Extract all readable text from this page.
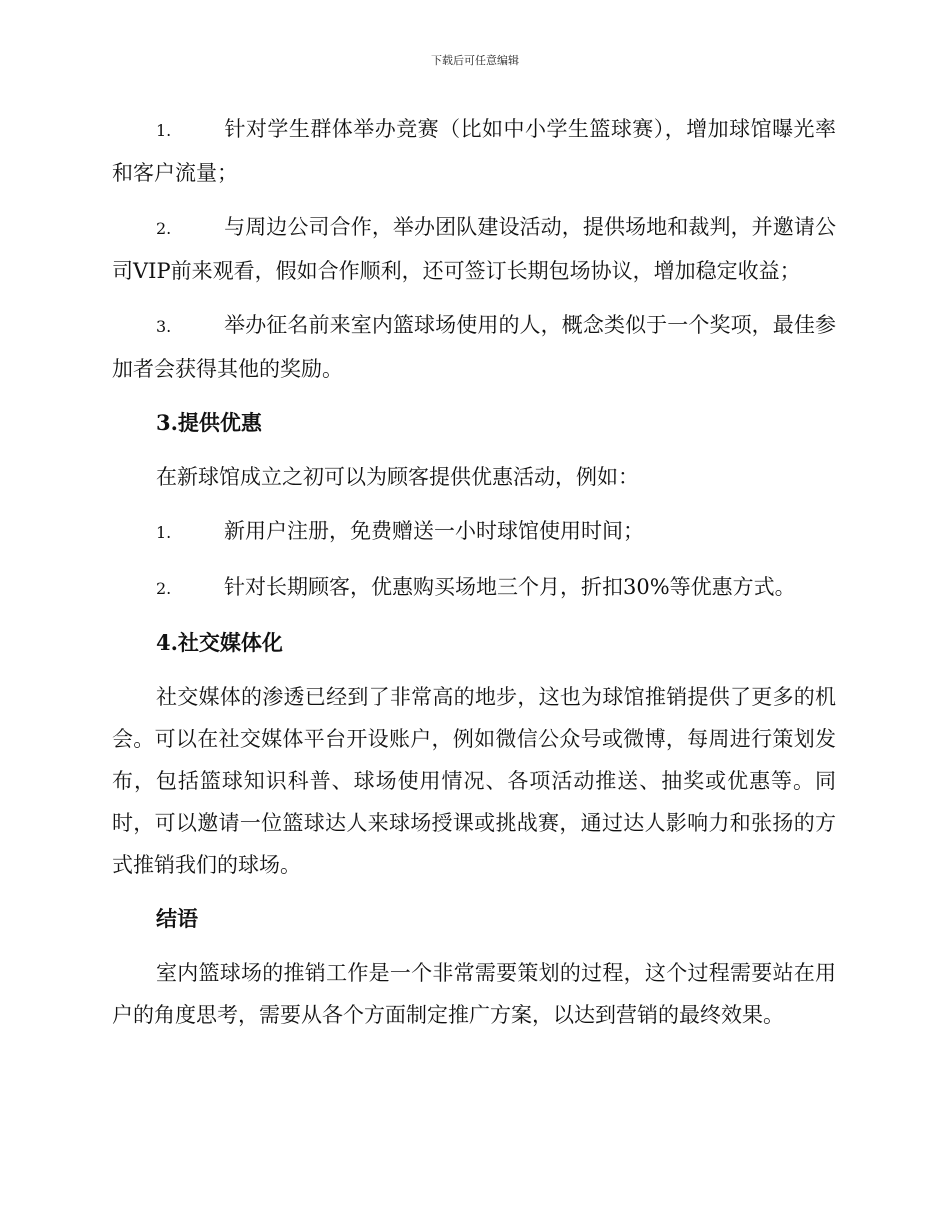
下载后可任意编辑

1.	针对学生群体举办竞赛（比如中小学生篮球赛），增加球馆曝光率和客户流量；

2.	与周边公司合作，举办团队建设活动，提供场地和裁判，并邀请公司VIP前来观看，假如合作顺利，还可签订长期包场协议，增加稳定收益；

3.	举办征名前来室内篮球场使用的人，概念类似于一个奖项，最佳参加者会获得其他的奖励。

3.提供优惠

在新球馆成立之初可以为顾客提供优惠活动，例如：

1.	新用户注册，免费赠送一小时球馆使用时间；

2.	针对长期顾客，优惠购买场地三个月，折扣30%等优惠方式。

4.社交媒体化

社交媒体的渗透已经到了非常高的地步，这也为球馆推销提供了更多的机会。可以在社交媒体平台开设账户，例如微信公众号或微博，每周进行策划发布，包括篮球知识科普、球场使用情况、各项活动推送、抽奖或优惠等。同时，可以邀请一位篮球达人来球场授课或挑战赛，通过达人影响力和张扬的方式推销我们的球场。

结语

室内篮球场的推销工作是一个非常需要策划的过程，这个过程需要站在用户的角度思考，需要从各个方面制定推广方案，以达到营销的最终效果。
